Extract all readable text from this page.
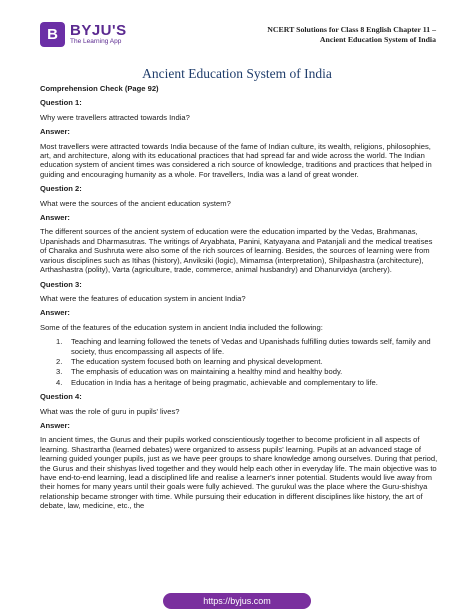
B BYJU'S
The Learning App
NCERT Solutions for Class 8 English Chapter 11 –
Ancient Education System of India
Ancient Education System of India

Comprehension Check (Page 92)

Question 1:

Why were travellers attracted towards India?

Answer:

Most travellers were attracted towards India because of the fame of Indian culture, its wealth, religions, philosophies, art, and architecture, along with its educational practices that had spread far and wide across the world. The Indian education system of ancient times was considered a rich source of knowledge, traditions and practices that helped in guiding and encouraging humanity as a whole. For travellers, India was a land of great wonder.

Question 2:

What were the sources of the ancient education system?

Answer:

The different sources of the ancient system of education were the education imparted by the Vedas, Brahmanas, Upanishads and Dharmasutras. The writings of Aryabhata, Panini, Katyayana and Patanjali and the medical treatises of Charaka and Sushruta were also some of the rich sources of learning. Besides, the sources of learning were from various disciplines such as Itihas (history), Anviksiki (logic), Mimamsa (interpretation), Shilpashastra (architecture), Arthashastra (polity), Varta (agriculture, trade, commerce, animal husbandry) and Dhanurvidya (archery).

Question 3:

What were the features of education system in ancient India?

Answer:

Some of the features of the education system in ancient India included the following:

1. Teaching and learning followed the tenets of Vedas and Upanishads fulfilling duties towards self, family and society, thus encompassing all aspects of life.
2. The education system focused both on learning and physical development.
3. The emphasis of education was on maintaining a healthy mind and healthy body.
4. Education in India has a heritage of being pragmatic, achievable and complementary to life.

Question 4:

What was the role of guru in pupils' lives?

Answer:

In ancient times, the Gurus and their pupils worked conscientiously together to become proficient in all aspects of learning. Shastrartha (learned debates) were organized to assess pupils' learning. Pupils at an advanced stage of learning guided younger pupils, just as we have peer groups to share knowledge among ourselves. During that period, the Gurus and their shishyas lived together and they would help each other in everyday life. The main objective was to have end-to-end learning, lead a disciplined life and realise a learner's inner potential. Students would live away from their homes for many years until their goals were fully achieved. The gurukul was the place where the Guru-shishya relationship became stronger with time. While pursuing their education in different disciplines like history, the art of debate, law, medicine, etc., the

https://byjus.com
